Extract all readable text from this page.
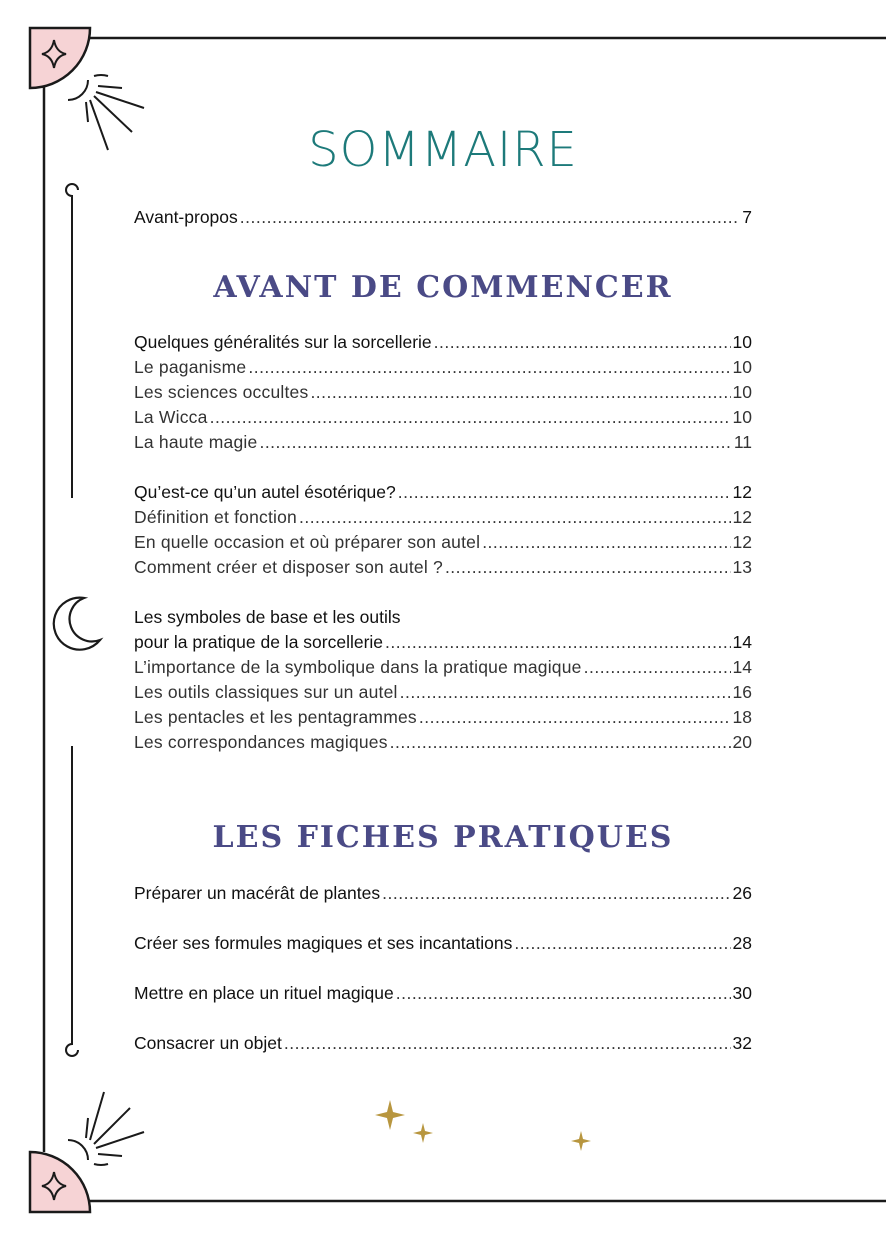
SOMMAIRE
Avant-propos .....	7
AVANT DE COMMENCER
Quelques généralités sur la sorcellerie .....	10
Le paganisme .....	10
Les sciences occultes .....	10
La Wicca .....	10
La haute magie .....	11
Qu’est-ce qu’un autel ésotérique? .....	12
Définition et fonction .....	12
En quelle occasion et où préparer son autel .....	12
Comment créer et disposer son autel ? .....	13
Les symboles de base et les outils
pour la pratique de la sorcellerie .....	14
L’importance de la symbolique dans la pratique magique .....	14
Les outils classiques sur un autel .....	16
Les pentacles et les pentagrammes .....	18
Les correspondances magiques .....	20
LES FICHES PRATIQUES
Préparer un macérât de plantes .....	26
Créer ses formules magiques et ses incantations .....	28
Mettre en place un rituel magique .....	30
Consacrer un objet .....	32
